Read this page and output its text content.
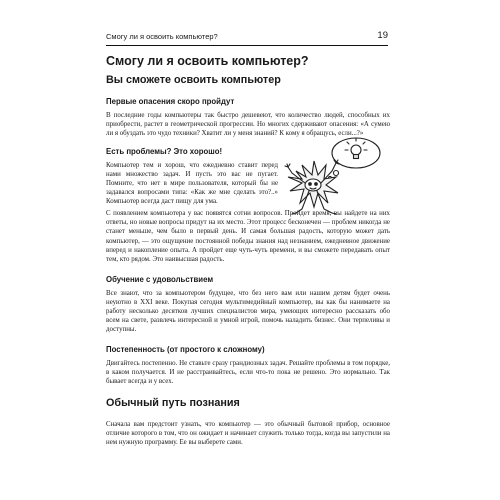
Смогу ли я освоить компьютер?	19
Смогу ли я освоить компьютер?
Вы сможете освоить компьютер
Первые опасения скоро пройдут

В последние годы компьютеры так быстро дешевеют, что количество людей, способных их приобрести, растет в геометрической прогрессии. Но многих сдерживают опасения: «А сумею ли я обуздать это чудо техники? Хватит ли у меня знаний? К кому я обращусь, если...?»

Есть проблемы? Это хорошо!

Компьютер тем и хорош, что ежедневно ставит перед нами множество задач. И пусть это вас не пугает. Помните, что нет в мире пользователя, который бы не задавался вопросами типа: «Как же мне сделать это?..» Компьютер всегда даст пищу для ума.

С появлением компьютера у вас появятся сотни вопросов. Пройдет время, вы найдете на них ответы, но новые вопросы придут на их место. Этот процесс бесконечен — проблем никогда не станет меньше, чем было в первый день. И самая большая радость, которую может дать компьютер, — это ощущение постоянной победы знания над незнанием, ежедневное движение вперед и накопление опыта. А пройдет еще чуть-чуть времени, и вы сможете передавать опыт тем, кто рядом. Это наивысшая радость.

Обучение с удовольствием

Все знают, что за компьютером будущее, что без него вам или нашим детям будет очень неуютно в XXI веке. Покупая сегодня мультимедийный компьютер, вы как бы нанимаете на работу несколько десятков лучших специалистов мира, умеющих интересно рассказать обо всем на свете, развлечь интересной и умной игрой, помочь наладить бизнес. Они терпеливы и доступны.

Постепенность (от простого к сложному)

Двигайтесь постепенно. Не ставьте сразу грандиозных задач. Решайте проблемы в том порядке, в каком получается. И не расстраивайтесь, если что-то пока не решено. Это нормально. Так бывает всегда и у всех.

Обычный путь познания

Сначала вам предстоит узнать, что компьютер — это обычный бытовой прибор, основное отличие которого в том, что он ожидает и начинает служить только тогда, когда вы запустили на нем нужную программу. Ее вы выберете сами.
